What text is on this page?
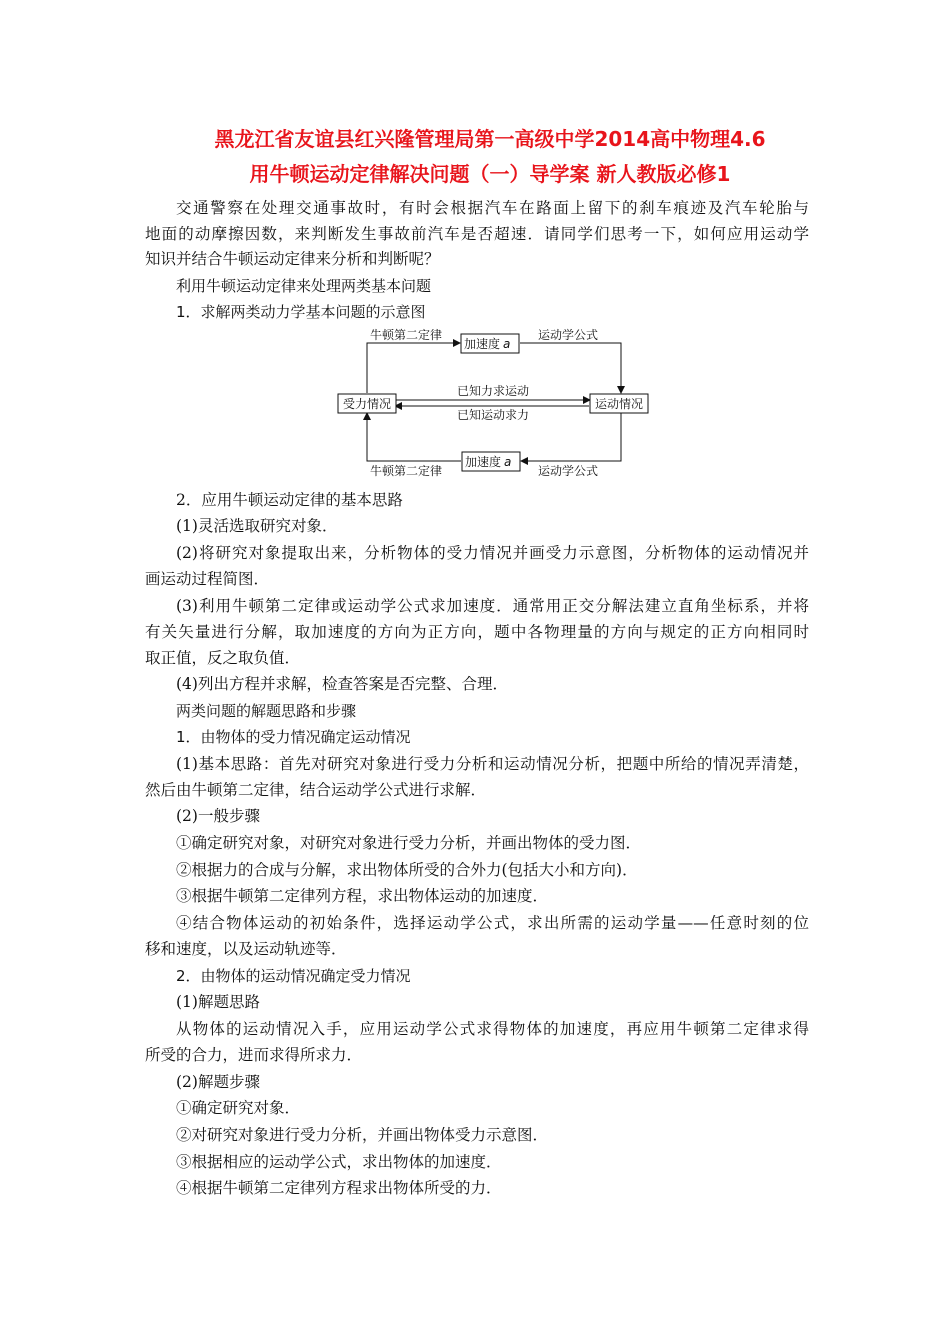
黑龙江省友谊县红兴隆管理局第一高级中学2014高中物理4.6
用牛顿运动定律解决问题（一）导学案 新人教版必修1
交通警察在处理交通事故时，有时会根据汽车在路面上留下的刹车痕迹及汽车轮胎与
地面的动摩擦因数，来判断发生事故前汽车是否超速．请同学们思考一下，如何应用运动学
知识并结合牛顿运动定律来分析和判断呢？
利用牛顿运动定律来处理两类基本问题
1．求解两类动力学基本问题的示意图
受力情况	运动情况
加速度 a
加速度 a
牛顿第二定律	运动学公式
牛顿第二定律	运动学公式
已知力求运动
已知运动求力
2．应用牛顿运动定律的基本思路
(1)灵活选取研究对象．
(2)将研究对象提取出来，分析物体的受力情况并画受力示意图，分析物体的运动情况并
画运动过程简图．
(3)利用牛顿第二定律或运动学公式求加速度．通常用正交分解法建立直角坐标系，并将
有关矢量进行分解，取加速度的方向为正方向，题中各物理量的方向与规定的正方向相同时
取正值，反之取负值．
(4)列出方程并求解，检查答案是否完整、合理．
两类问题的解题思路和步骤
1．由物体的受力情况确定运动情况
(1)基本思路：首先对研究对象进行受力分析和运动情况分析，把题中所给的情况弄清楚，
然后由牛顿第二定律，结合运动学公式进行求解．
(2)一般步骤
①确定研究对象，对研究对象进行受力分析，并画出物体的受力图．
②根据力的合成与分解，求出物体所受的合外力(包括大小和方向)．
③根据牛顿第二定律列方程，求出物体运动的加速度．
④结合物体运动的初始条件，选择运动学公式，求出所需的运动学量——任意时刻的位
移和速度，以及运动轨迹等．
2．由物体的运动情况确定受力情况
(1)解题思路
从物体的运动情况入手，应用运动学公式求得物体的加速度，再应用牛顿第二定律求得
所受的合力，进而求得所求力．
(2)解题步骤
①确定研究对象．
②对研究对象进行受力分析，并画出物体受力示意图．
③根据相应的运动学公式，求出物体的加速度．
④根据牛顿第二定律列方程求出物体所受的力．
